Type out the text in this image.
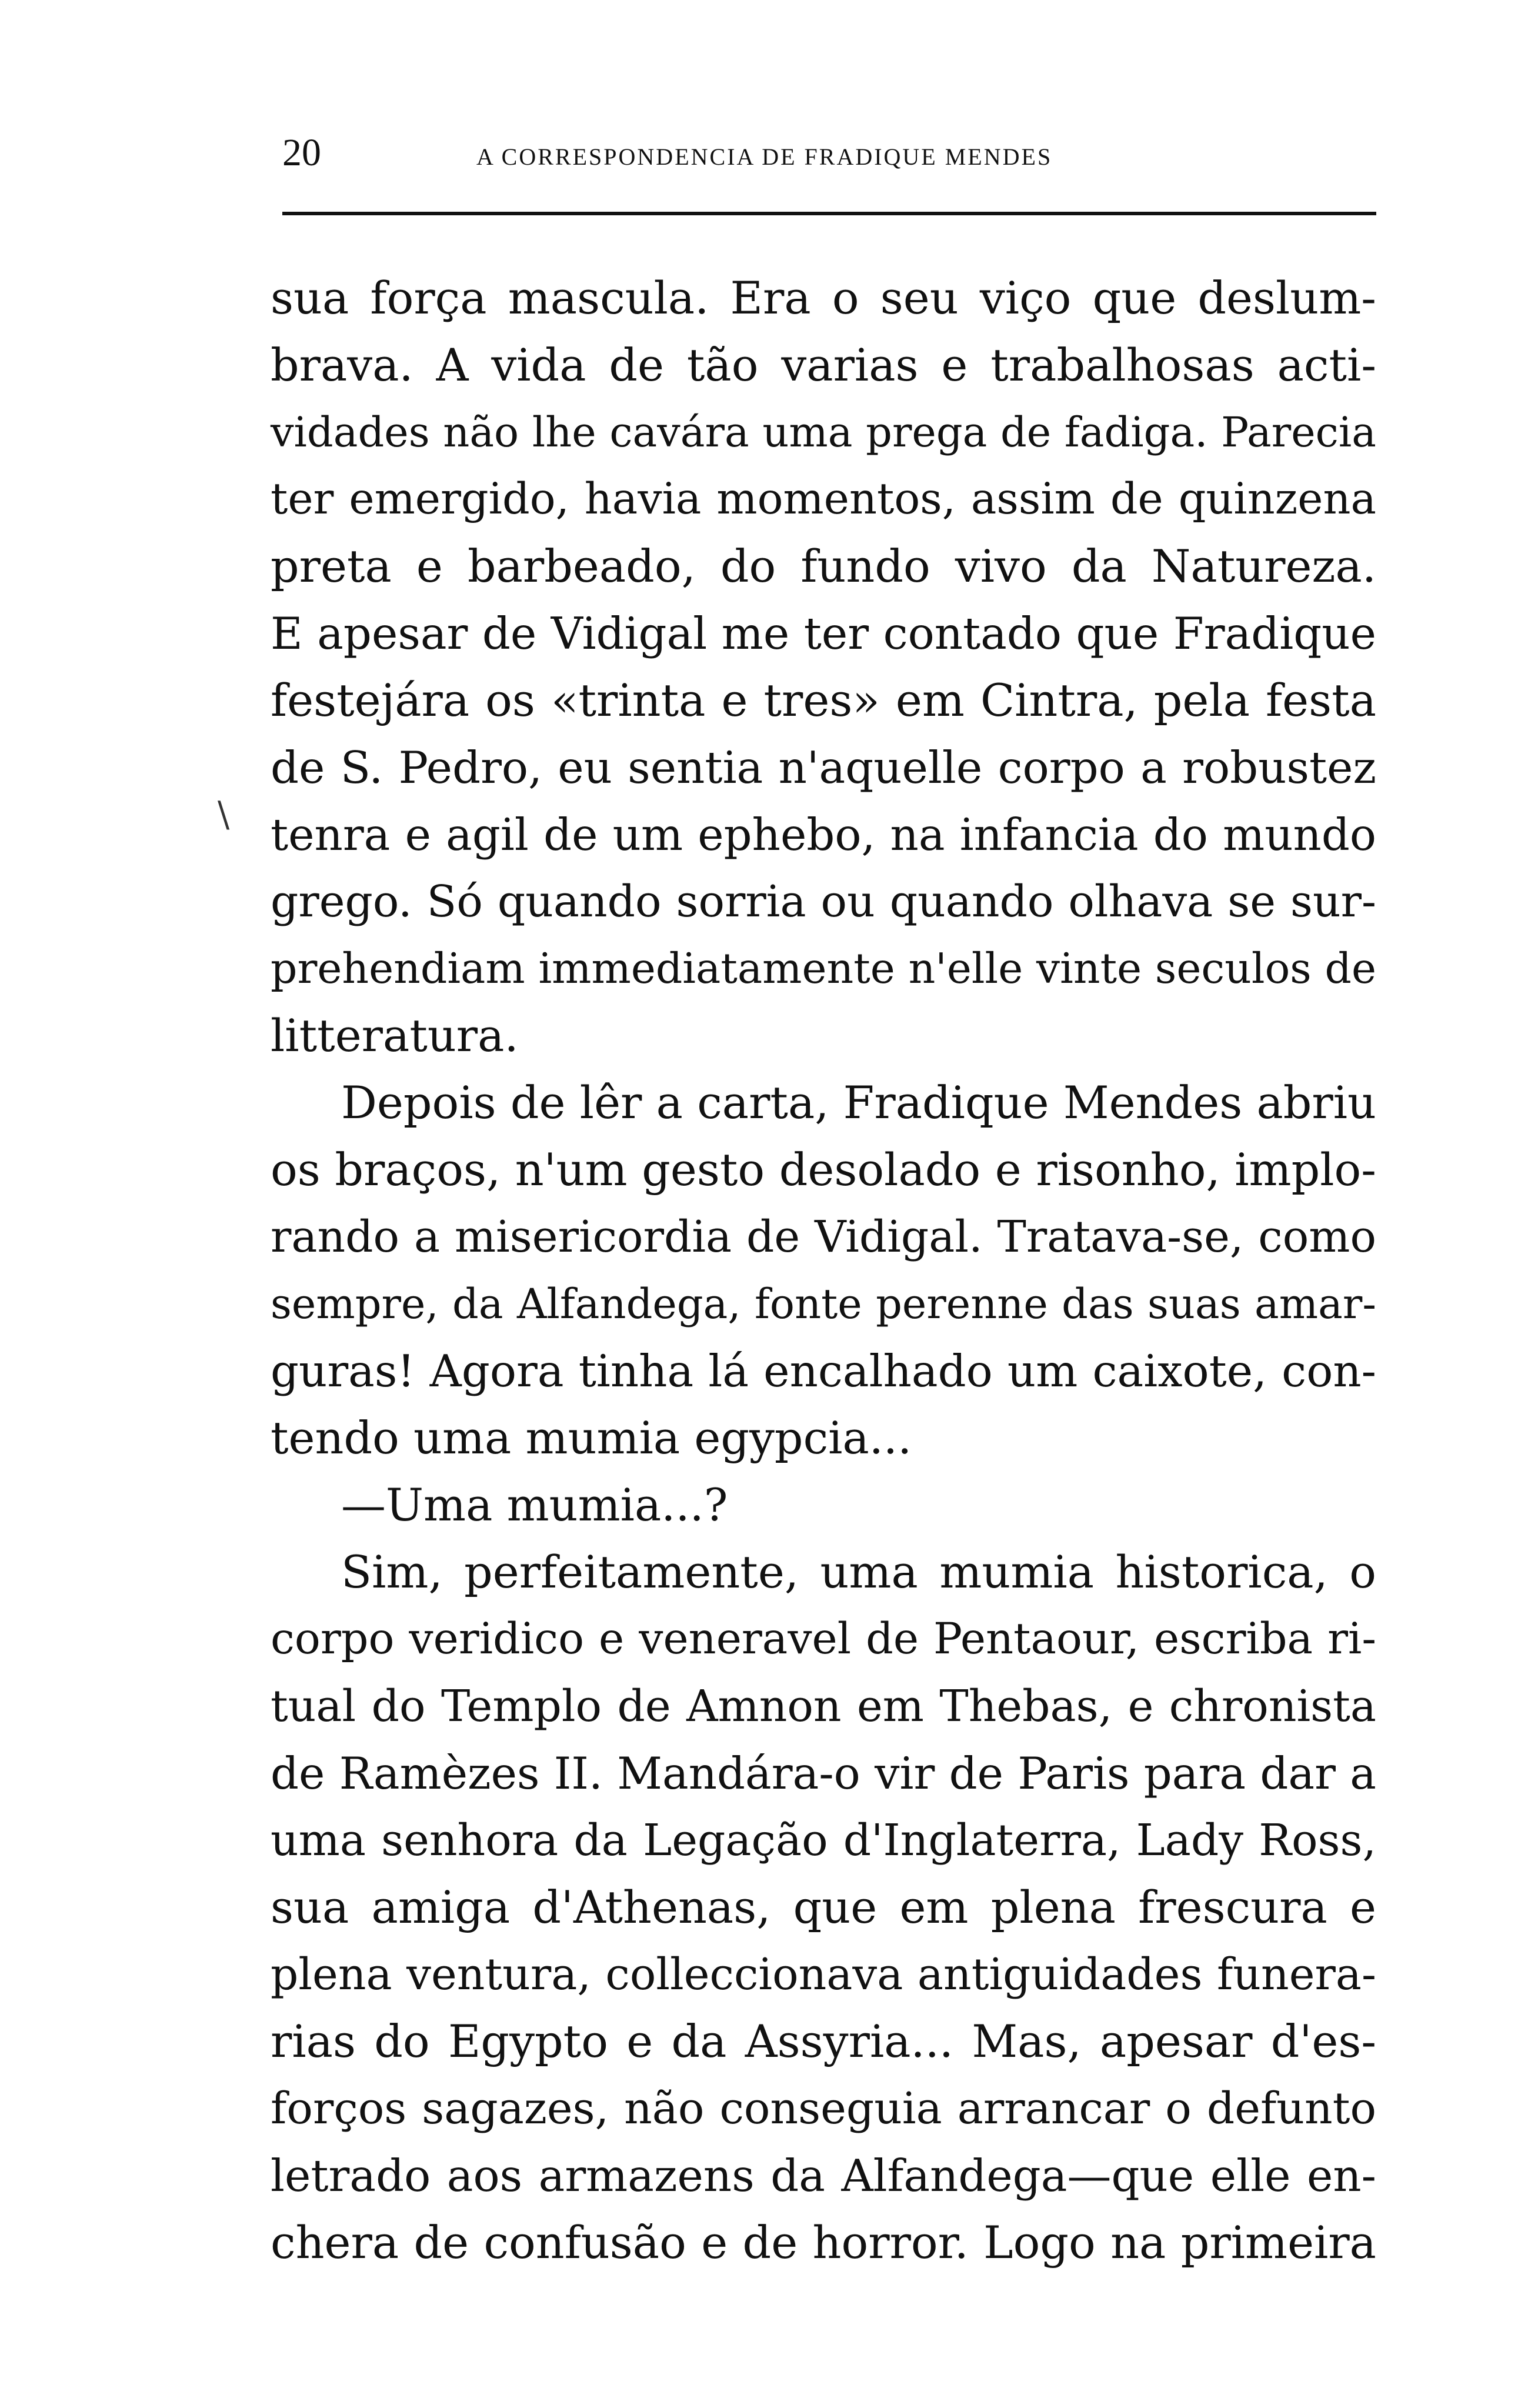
20	A CORRESPONDENCIA DE FRADIQUE MENDES
\
sua força mascula. Era o seu viço que deslum-
brava. A vida de tão varias e trabalhosas acti-
vidades não lhe cavára uma prega de fadiga. Parecia
ter emergido, havia momentos, assim de quinzena
preta e barbeado, do fundo vivo da Natureza.
E apesar de Vidigal me ter contado que Fradique
festejára os «trinta e tres» em Cintra, pela festa
de S. Pedro, eu sentia n'aquelle corpo a robustez
tenra e agil de um ephebo, na infancia do mundo
grego. Só quando sorria ou quando olhava se sur-
prehendiam immediatamente n'elle vinte seculos de
litteratura.
Depois de lêr a carta, Fradique Mendes abriu
os braços, n'um gesto desolado e risonho, implo-
rando a misericordia de Vidigal. Tratava-se, como
sempre, da Alfandega, fonte perenne das suas amar-
guras! Agora tinha lá encalhado um caixote, con-
tendo uma mumia egypcia...
—Uma mumia...?
Sim, perfeitamente, uma mumia historica, o
corpo veridico e veneravel de Pentaour, escriba ri-
tual do Templo de Amnon em Thebas, e chronista
de Ramèzes II. Mandára-o vir de Paris para dar a
uma senhora da Legação d'Inglaterra, Lady Ross,
sua amiga d'Athenas, que em plena frescura e
plena ventura, colleccionava antiguidades funera-
rias do Egypto e da Assyria... Mas, apesar d'es-
forços sagazes, não conseguia arrancar o defunto
letrado aos armazens da Alfandega—que elle en-
chera de confusão e de horror. Logo na primeira
